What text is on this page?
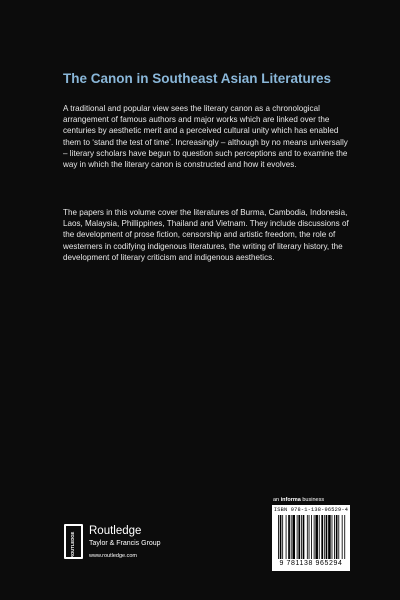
The Canon in Southeast Asian Literatures

A traditional and popular view sees the literary canon as a chronological arrangement of famous authors and major works which are linked over the centuries by aesthetic merit and a perceived cultural unity which has enabled them to ‘stand the test of time’. Increasingly – although by no means universally – literary scholars have begun to question such perceptions and to examine the way in which the literary canon is constructed and how it evolves.

The papers in this volume cover the literatures of Burma, Cambodia, Indonesia, Laos, Malaysia, Phillippines, Thailand and Vietnam. They include discussions of the development of prose fiction, censorship and artistic freedom, the role of westerners in codifying indigenous literatures, the writing of literary history, the development of literary criticism and indigenous aesthetics.

an informa business
ISBN 978-1-138-96529-4
9 781138 965294
ROUTLEDGE
Routledge
Taylor & Francis Group
www.routledge.com
